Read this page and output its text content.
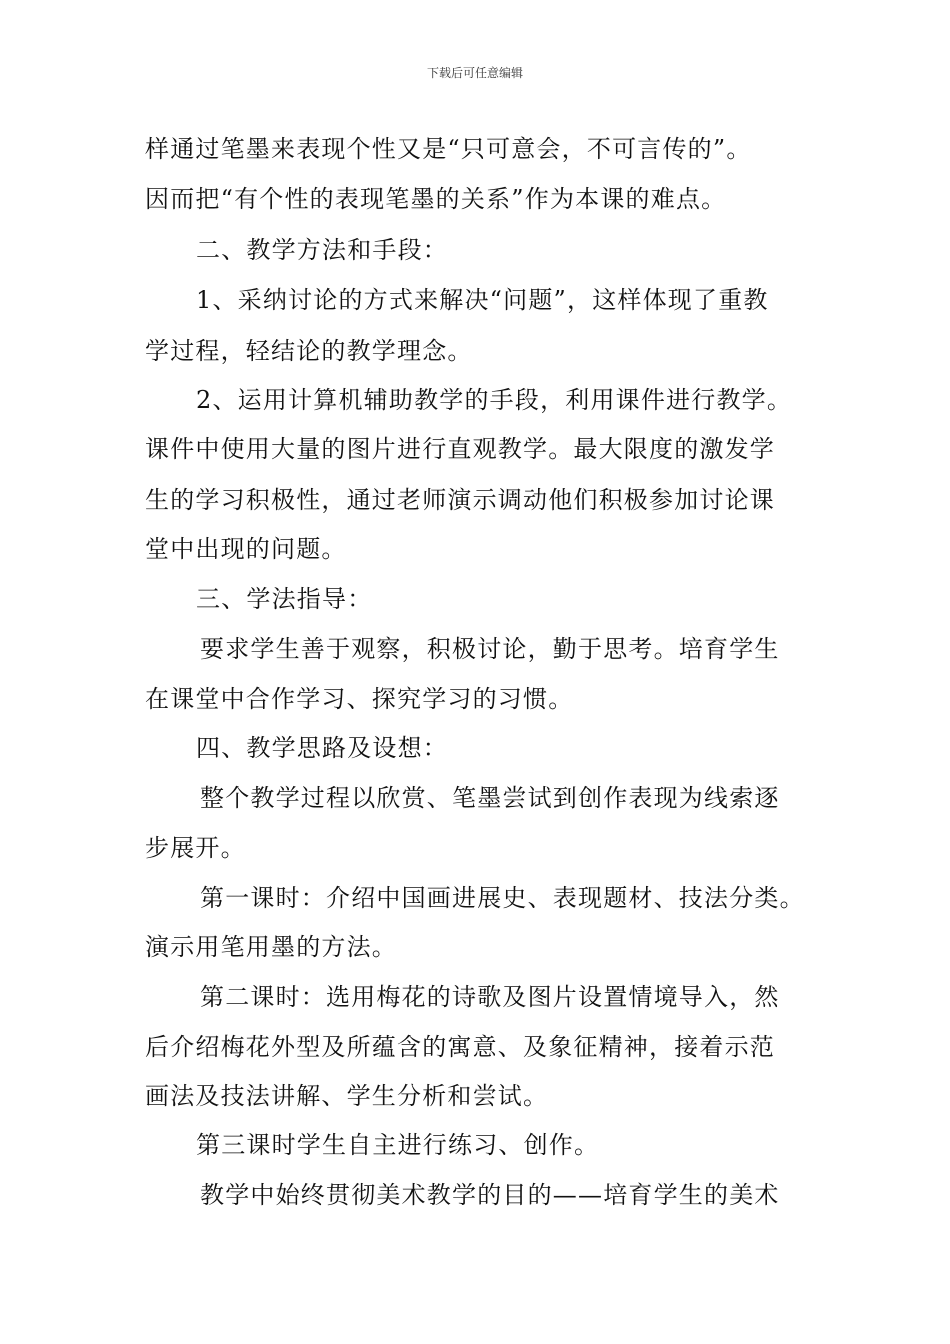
下载后可任意编辑
样通过笔墨来表现个性又是“只可意会，不可言传的”。
因而把“有个性的表现笔墨的关系”作为本课的难点。
二、教学方法和手段：
1、采纳讨论的方式来解决“问题”，这样体现了重教
学过程，轻结论的教学理念。
2、运用计算机辅助教学的手段，利用课件进行教学。
课件中使用大量的图片进行直观教学。最大限度的激发学
生的学习积极性，通过老师演示调动他们积极参加讨论课
堂中出现的问题。
三、学法指导：
要求学生善于观察，积极讨论，勤于思考。培育学生
在课堂中合作学习、探究学习的习惯。
四、教学思路及设想：
整个教学过程以欣赏、笔墨尝试到创作表现为线索逐
步展开。
第一课时：介绍中国画进展史、表现题材、技法分类。
演示用笔用墨的方法。
第二课时：选用梅花的诗歌及图片设置情境导入，然
后介绍梅花外型及所蕴含的寓意、及象征精神，接着示范
画法及技法讲解、学生分析和尝试。
第三课时学生自主进行练习、创作。
教学中始终贯彻美术教学的目的——培育学生的美术
